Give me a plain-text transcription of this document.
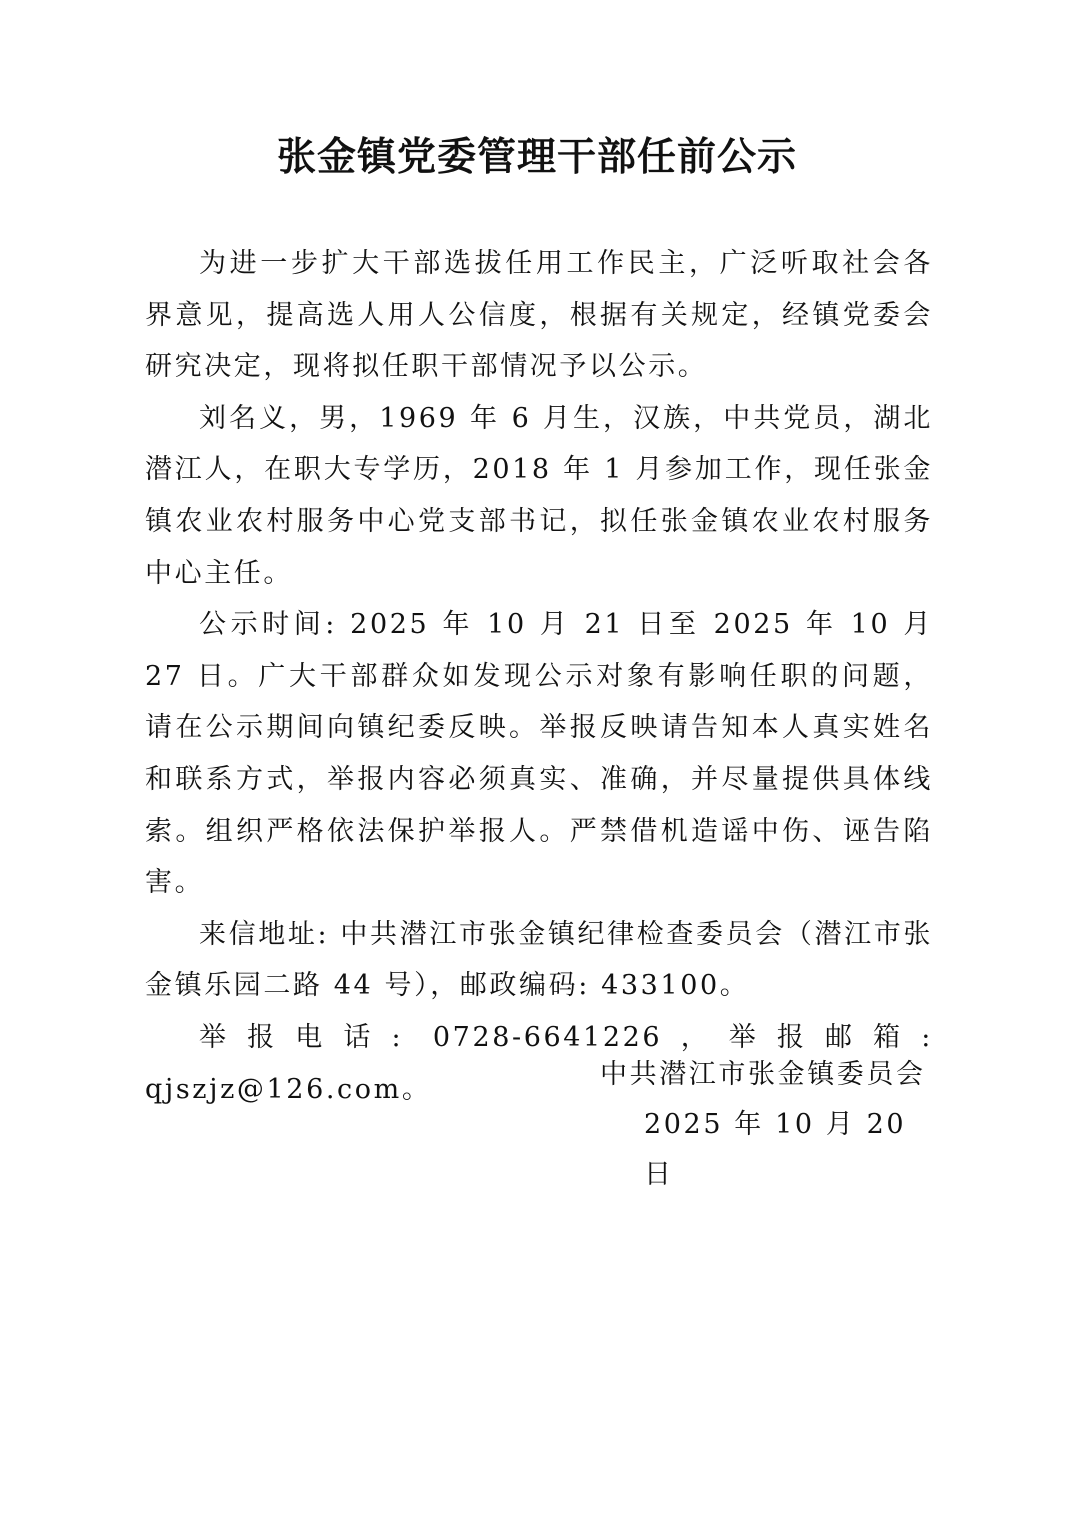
张金镇党委管理干部任前公示

为进一步扩大干部选拔任用工作民主，广泛听取社会各界意见，提高选人用人公信度，根据有关规定，经镇党委会研究决定，现将拟任职干部情况予以公示。

刘名义，男，1969 年 6 月生，汉族，中共党员，湖北潜江人，在职大专学历，2018 年 1 月参加工作，现任张金镇农业农村服务中心党支部书记，拟任张金镇农业农村服务中心主任。

公示时间: 2025 年 10 月 21 日至 2025 年 10 月 27 日。广大干部群众如发现公示对象有影响任职的问题，请在公示期间向镇纪委反映。举报反映请告知本人真实姓名和联系方式，举报内容必须真实、准确，并尽量提供具体线索。组织严格依法保护举报人。严禁借机造谣中伤、诬告陷害。

来信地址: 中共潜江市张金镇纪律检查委员会（潜江市张金镇乐园二路 44 号），邮政编码: 433100。

举报电话: 0728-6641226，举报邮箱: qjszjz@126.com。	中共潜江市张金镇委员会
2025 年 10 月 20 日
